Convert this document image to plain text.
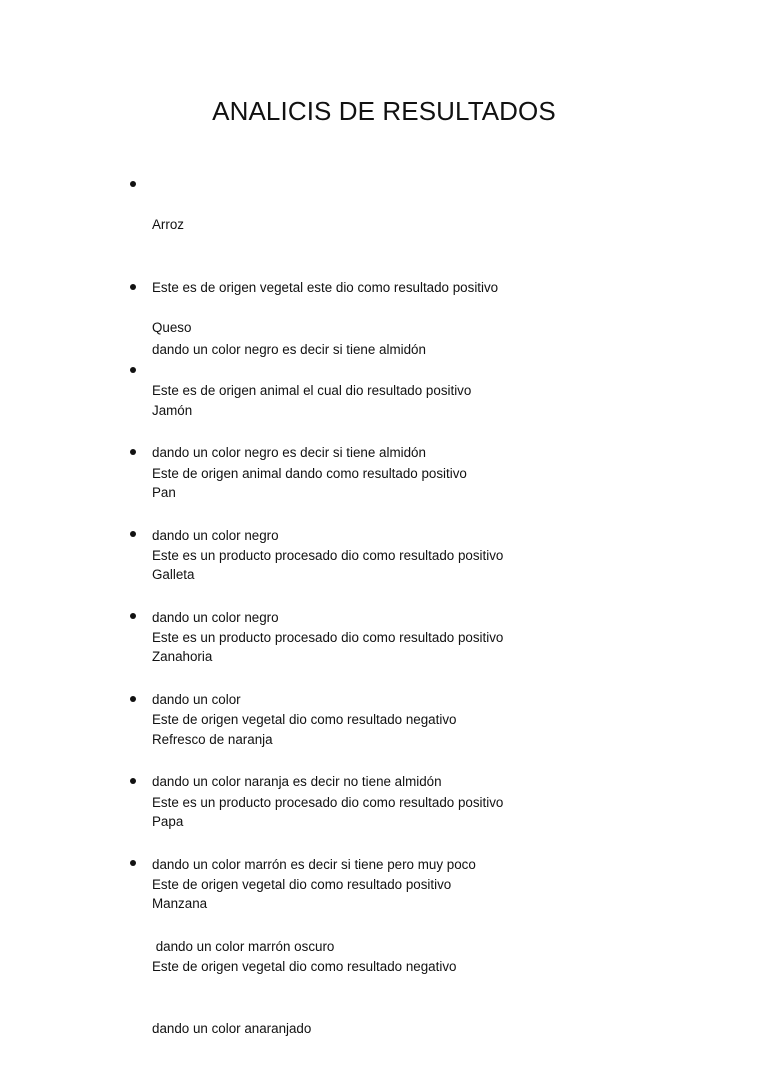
ANALICIS DE RESULTADOS

Arroz

Este es de origen vegetal este dio como resultado positivo

dando un color negro es decir si tiene almidón

Queso

Este es de origen animal el cual dio resultado positivo

dando un color negro es decir si tiene almidón

Jamón

Este de origen animal dando como resultado positivo

dando un color negro

Pan

Este es un producto procesado dio como resultado positivo

dando un color negro

Galleta

Este es un producto procesado dio como resultado positivo

dando un color

Zanahoria

Este de origen vegetal dio como resultado negativo

dando un color naranja es decir no tiene almidón

Refresco de naranja

Este es un producto procesado dio como resultado positivo

dando un color marrón es decir si tiene pero muy poco

Papa

Este de origen vegetal dio como resultado positivo

dando un color marrón oscuro

Manzana

Este de origen vegetal dio como resultado negativo

dando un color anaranjado
